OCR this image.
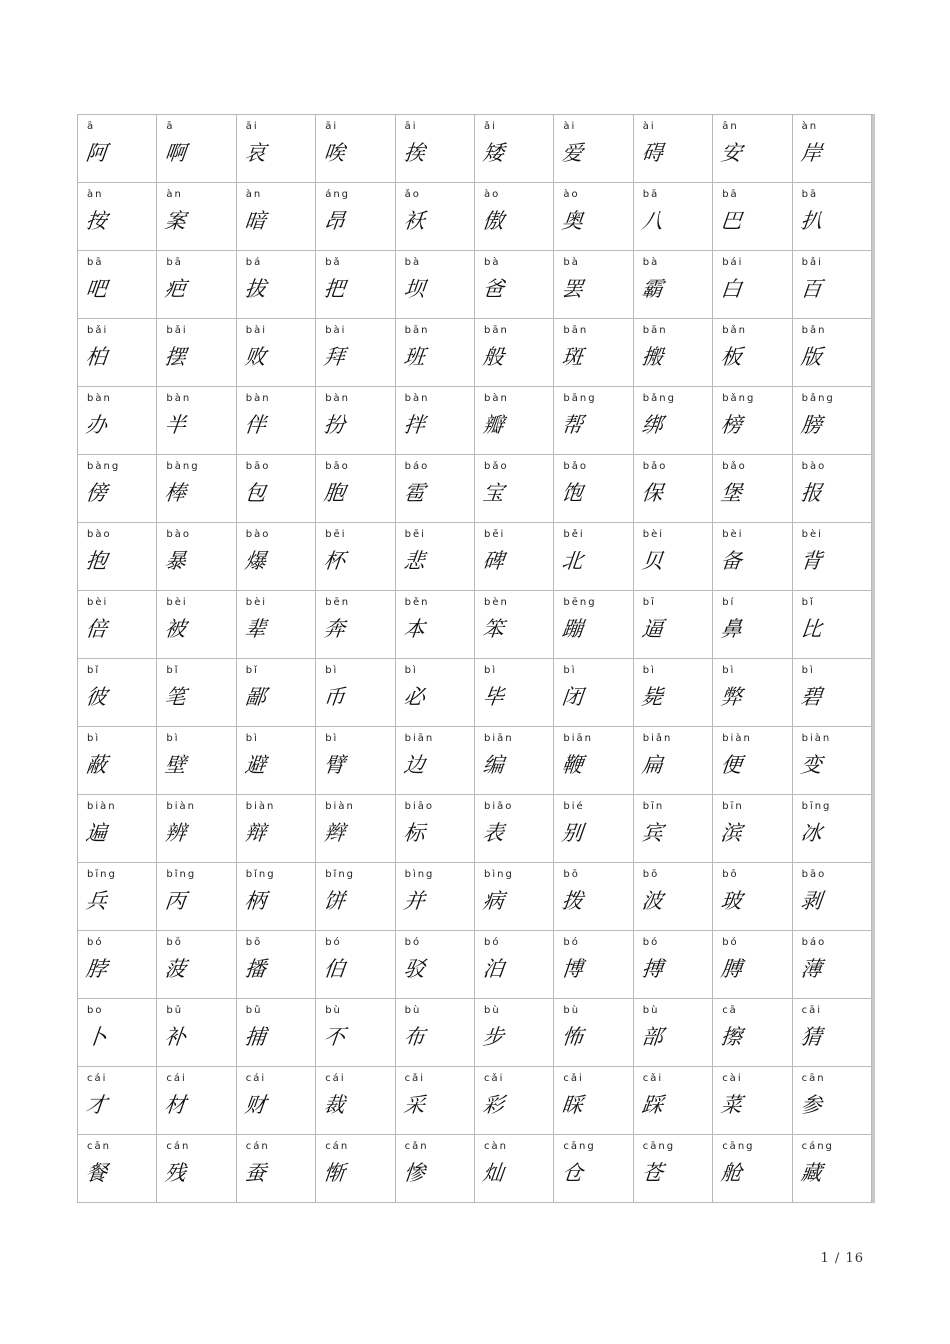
ā
阿
ā
啊
āi
哀
āi
唉
āi
挨
ǎi
矮
ài
爱
ài
碍
ān
安
àn
岸
àn
按
àn
案
àn
暗
áng
昂
ǎo
袄
ào
傲
ào
奥
bā
八
bā
巴
bā
扒
bā
吧
bā
疤
bá
拔
bǎ
把
bà
坝
bà
爸
bà
罢
bà
霸
bái
白
bǎi
百
bǎi
柏
bǎi
摆
bài
败
bài
拜
bān
班
bān
般
bān
斑
bān
搬
bǎn
板
bǎn
版
bàn
办
bàn
半
bàn
伴
bàn
扮
bàn
拌
bàn
瓣
bāng
帮
bǎng
绑
bǎng
榜
bǎng
膀
bàng
傍
bàng
棒
bāo
包
bāo
胞
báo
雹
bǎo
宝
bǎo
饱
bǎo
保
bǎo
堡
bào
报
bào
抱
bào
暴
bào
爆
bēi
杯
bēi
悲
bēi
碑
běi
北
bèi
贝
bèi
备
bèi
背
bèi
倍
bèi
被
bèi
辈
bēn
奔
běn
本
bèn
笨
bēng
蹦
bī
逼
bí
鼻
bǐ
比
bǐ
彼
bǐ
笔
bǐ
鄙
bì
币
bì
必
bì
毕
bì
闭
bì
毙
bì
弊
bì
碧
bì
蔽
bì
壁
bì
避
bì
臂
biān
边
biān
编
biān
鞭
biǎn
扁
biàn
便
biàn
变
biàn
遍
biàn
辨
biàn
辩
biàn
辫
biāo
标
biǎo
表
bié
别
bīn
宾
bīn
滨
bīng
冰
bīng
兵
bǐng
丙
bǐng
柄
bǐng
饼
bìng
并
bìng
病
bō
拨
bō
波
bō
玻
bāo
剥
bó
脖
bō
菠
bō
播
bó
伯
bó
驳
bó
泊
bó
博
bó
搏
bó
膊
báo
薄
bo
卜
bǔ
补
bǔ
捕
bù
不
bù
布
bù
步
bù
怖
bù
部
cā
擦
cāi
猜
cái
才
cái
材
cái
财
cái
裁
cǎi
采
cǎi
彩
cǎi
睬
cǎi
踩
cài
菜
cān
参
cān
餐
cán
残
cán
蚕
cán
惭
cǎn
惨
càn
灿
cāng
仓
cāng
苍
cāng
舱
cáng
藏
1 / 16
